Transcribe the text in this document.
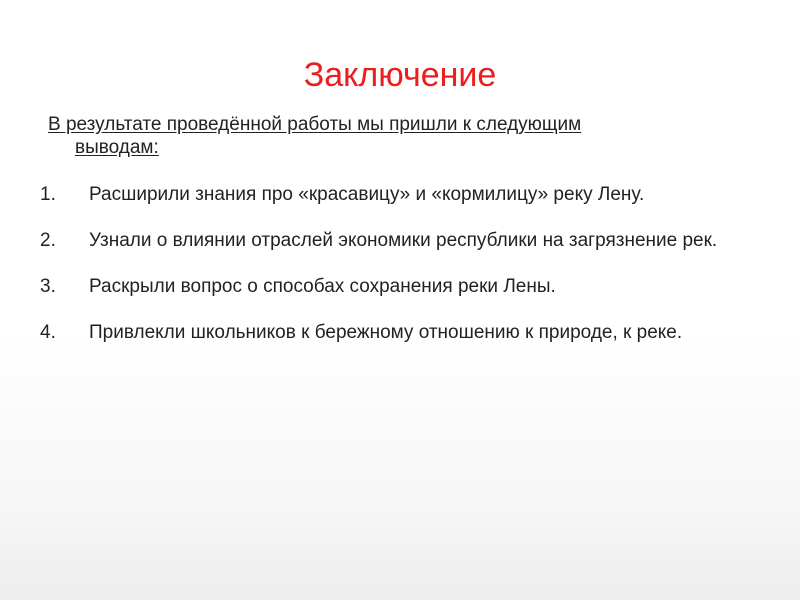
Заключение
В результате проведённой работы мы пришли к следующим
выводам:
1. Расширили знания про «красавицу» и «кормилицу» реку Лену.
2. Узнали о влиянии отраслей экономики республики на загрязнение рек.
3. Раскрыли вопрос о способах сохранения реки Лены.
4. Привлекли школьников к бережному отношению к природе, к реке.
